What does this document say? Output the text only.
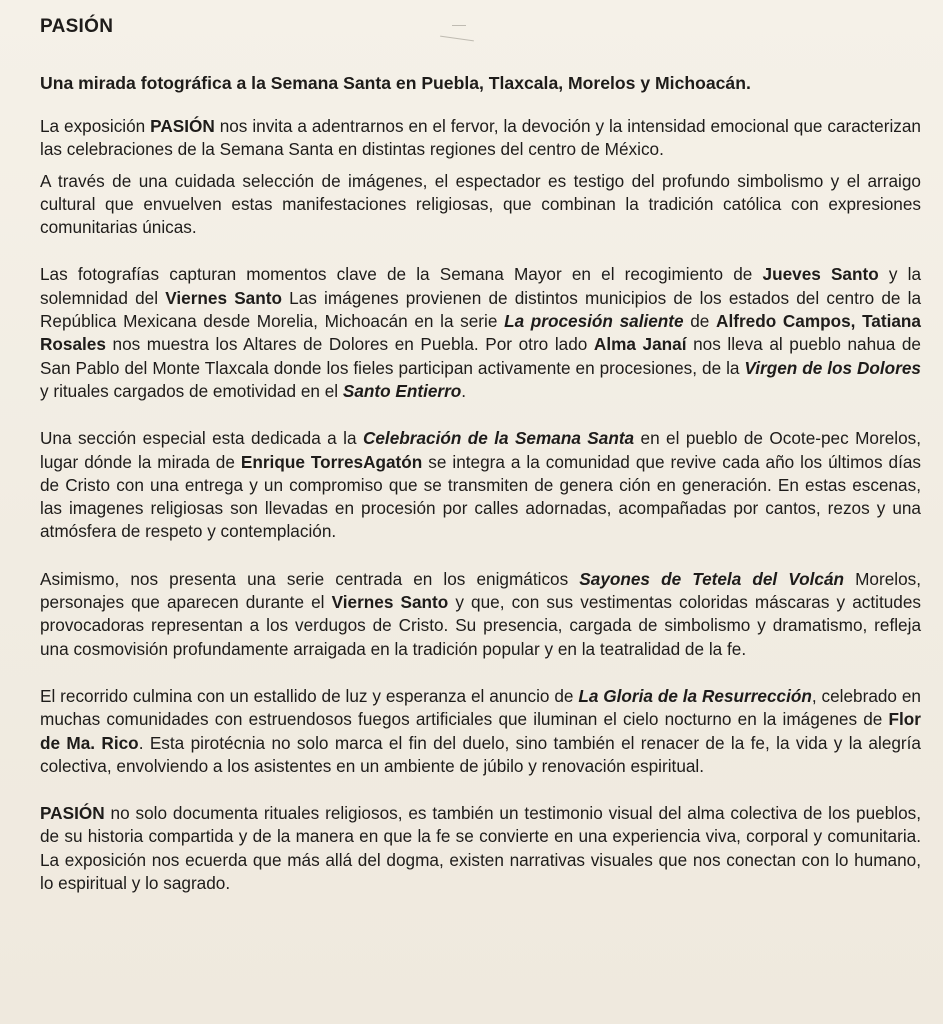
PASIÓN
Una mirada fotográfica a la Semana Santa en Puebla, Tlaxcala, Morelos y Michoacán.

La exposición PASIÓN nos invita a adentrarnos en el fervor, la devoción y la intensidad emocional que caracterizan las celebraciones de la Semana Santa en distintas regiones del centro de México.

A través de una cuidada selección de imágenes, el espectador es testigo del profundo simbolismo y el arraigo cultural que envuelven estas manifestaciones religiosas, que combinan la tradición católica con expresiones comunitarias únicas.

Las fotografías capturan momentos clave de la Semana Mayor en el recogimiento de Jueves Santo y la solemnidad del Viernes Santo Las imágenes provienen de distintos municipios de los estados del centro de la República Mexicana desde Morelia, Michoacán en la serie La procesión saliente de Alfredo Campos, Tatiana Rosales nos muestra los Altares de Dolores en Puebla. Por otro lado Alma Janaí nos lleva al pueblo nahua de San Pablo del Monte Tlaxcala donde los fieles participan activamente en procesiones, de la Virgen de los Dolores y rituales cargados de emotividad en el Santo Entierro.

Una sección especial esta dedicada a la Celebración de la Semana Santa en el pueblo de Ocote-pec Morelos, lugar dónde la mirada de Enrique TorresAgatón se integra a la comunidad que revive cada año los últimos días de Cristo con una entrega y un compromiso que se transmiten de genera ción en generación. En estas escenas, las imagenes religiosas son llevadas en procesión por calles adornadas, acompañadas por cantos, rezos y una atmósfera de respeto y contemplación.

Asimismo, nos presenta una serie centrada en los enigmáticos Sayones de Tetela del Volcán Morelos, personajes que aparecen durante el Viernes Santo y que, con sus vestimentas coloridas máscaras y actitudes provocadoras representan a los verdugos de Cristo. Su presencia, cargada de simbolismo y dramatismo, refleja una cosmovisión profundamente arraigada en la tradición popular y en la teatralidad de la fe.

El recorrido culmina con un estallido de luz y esperanza el anuncio de La Gloria de la Resurrección, celebrado en muchas comunidades con estruendosos fuegos artificiales que iluminan el cielo nocturno en la imágenes de Flor de Ma. Rico. Esta pirotécnia no solo marca el fin del duelo, sino también el renacer de la fe, la vida y la alegría colectiva, envolviendo a los asistentes en un ambiente de júbilo y renovación espiritual.

PASIÓN no solo documenta rituales religiosos, es también un testimonio visual del alma colectiva de los pueblos, de su historia compartida y de la manera en que la fe se convierte en una experiencia viva, corporal y comunitaria. La exposición nos ecuerda que más allá del dogma, existen narrativas visuales que nos conectan con lo humano, lo espiritual y lo sagrado.
